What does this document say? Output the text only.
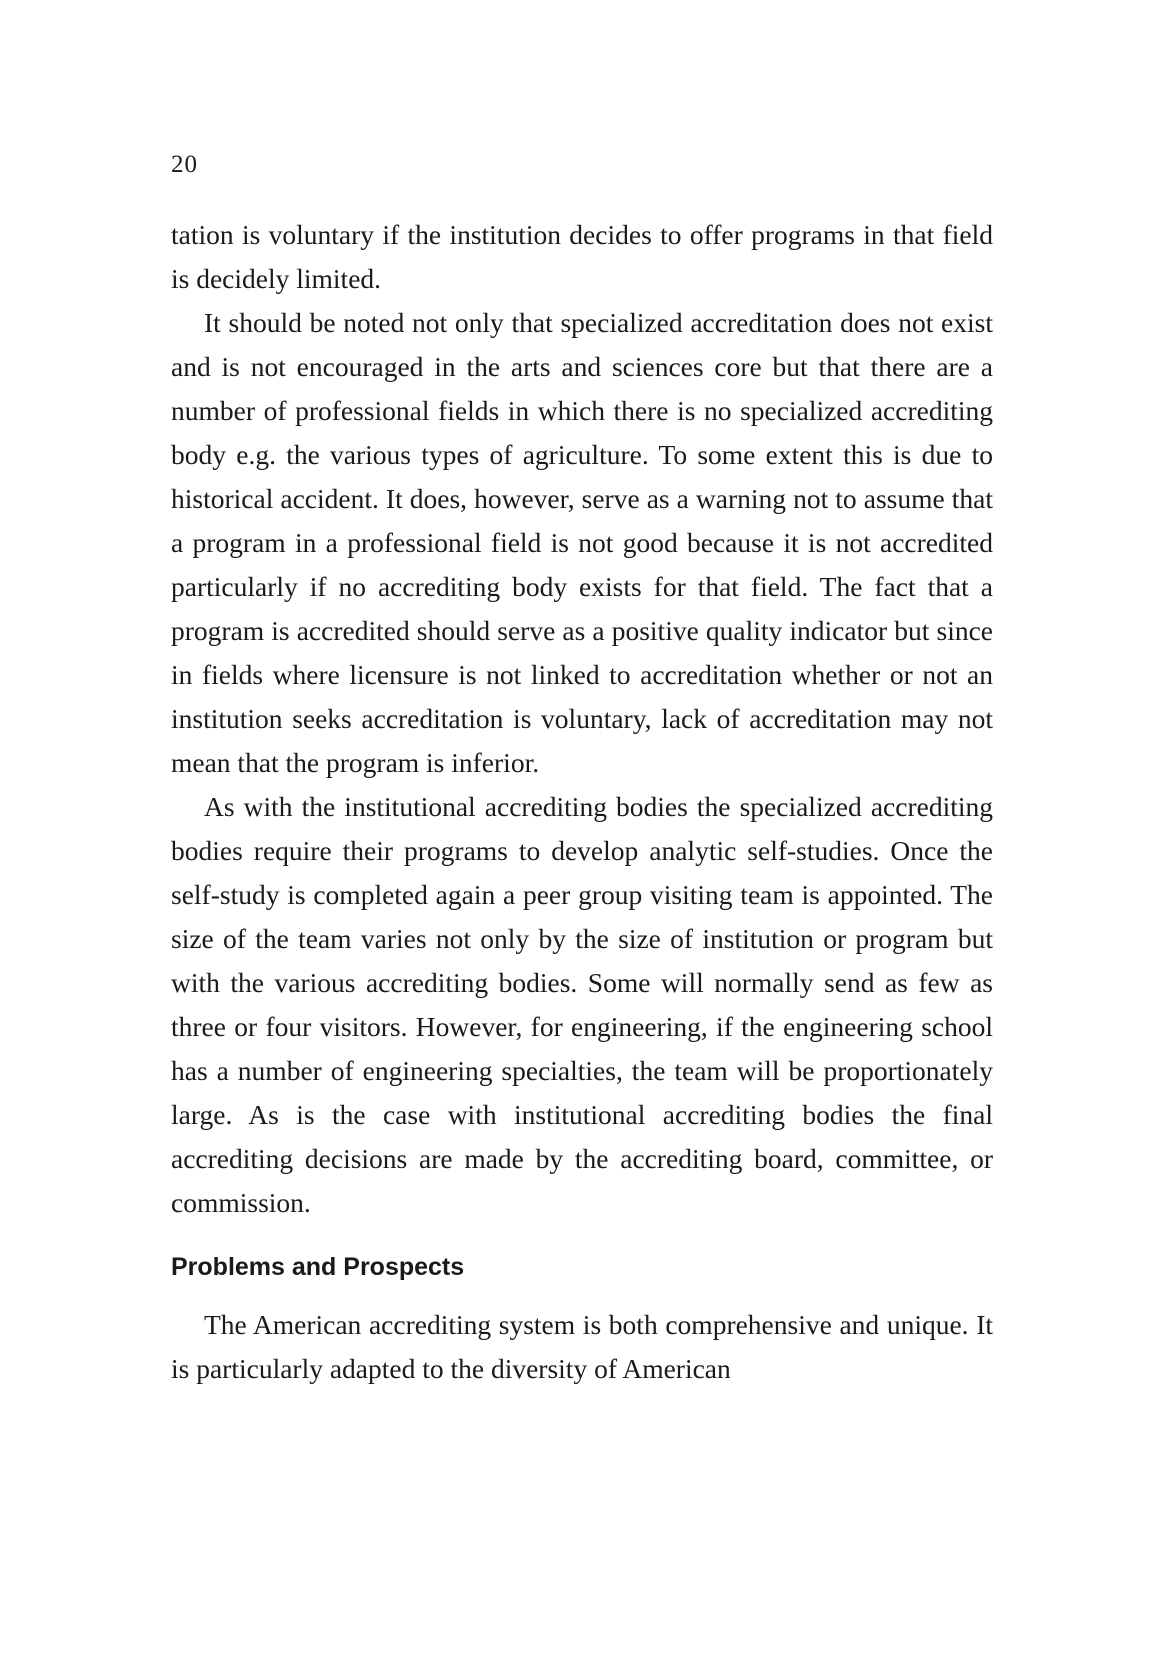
20

tation is voluntary if the institution decides to offer programs in that field is decidely limited.

It should be noted not only that specialized accreditation does not exist and is not encouraged in the arts and sciences core but that there are a number of professional fields in which there is no specialized accrediting body e.g. the various types of agriculture. To some extent this is due to historical accident. It does, however, serve as a warning not to assume that a program in a professional field is not good because it is not accredited particularly if no accrediting body exists for that field. The fact that a program is accredited should serve as a positive quality indicator but since in fields where licensure is not linked to accreditation whether or not an institution seeks accreditation is voluntary, lack of accreditation may not mean that the program is inferior.

As with the institutional accrediting bodies the specialized accrediting bodies require their programs to develop analytic self-studies. Once the self-study is completed again a peer group visiting team is appointed. The size of the team varies not only by the size of institution or program but with the various accrediting bodies. Some will normally send as few as three or four visitors. However, for engineering, if the engineering school has a number of engineering specialties, the team will be proportionately large. As is the case with institutional accrediting bodies the final accrediting decisions are made by the accrediting board, committee, or commission.

Problems and Prospects

The American accrediting system is both comprehensive and unique. It is particularly adapted to the diversity of American
